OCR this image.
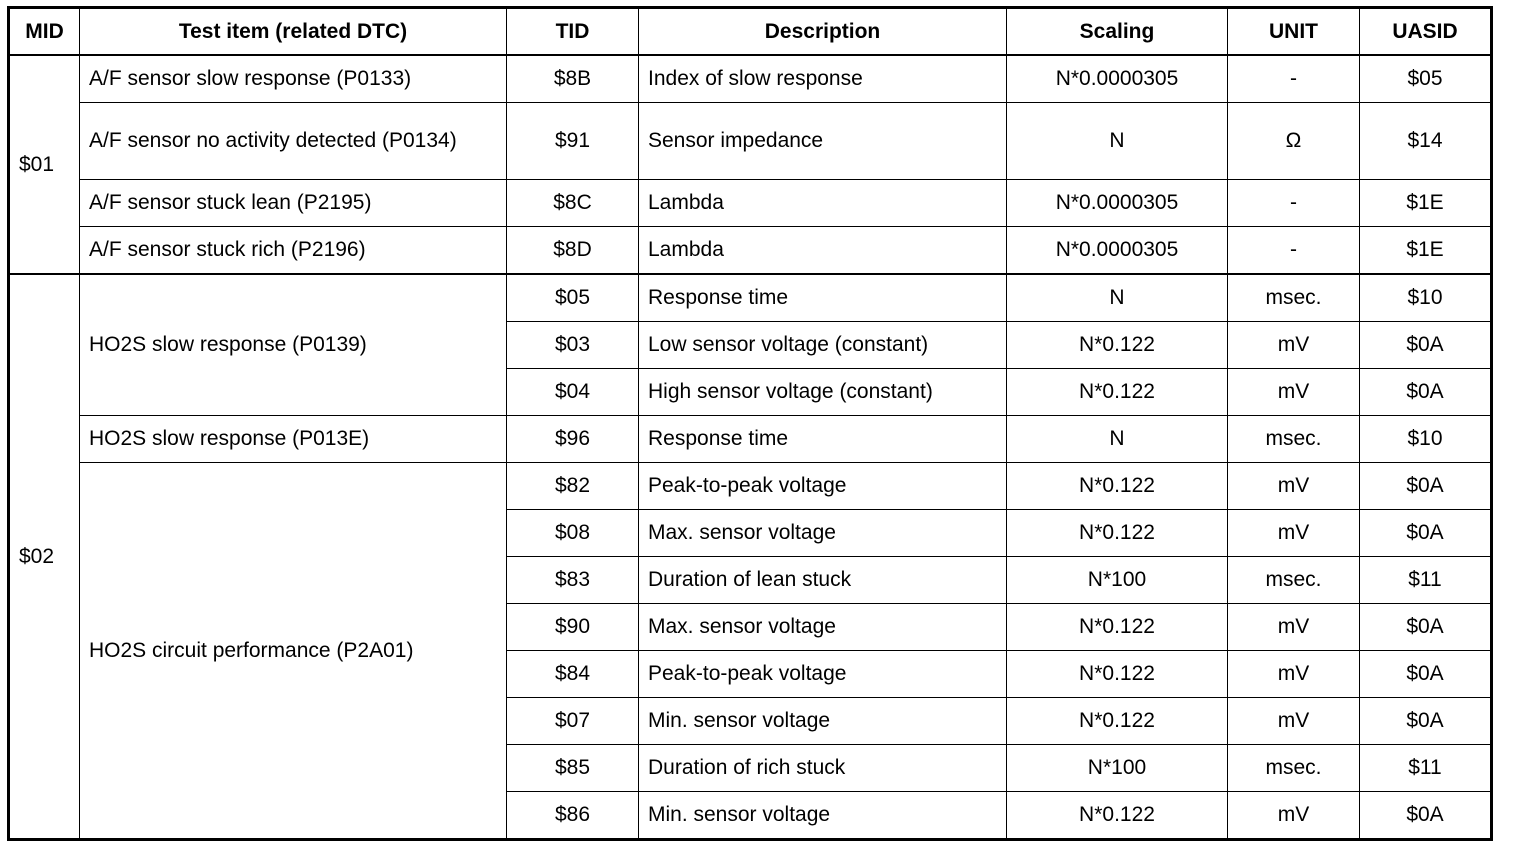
MID	Test item (related DTC)	TID	Description	Scaling	UNIT	UASID
$01	A/F sensor slow response (P0133)	$8B	Index of slow response	N*0.0000305	-	$05
	A/F sensor no activity detected (P0134)	$91	Sensor impedance	N	Ω	$14
	A/F sensor stuck lean (P2195)	$8C	Lambda	N*0.0000305	-	$1E
	A/F sensor stuck rich (P2196)	$8D	Lambda	N*0.0000305	-	$1E
$02	HO2S slow response (P0139)	$05	Response time	N	msec.	$10
		$03	Low sensor voltage (constant)	N*0.122	mV	$0A
		$04	High sensor voltage (constant)	N*0.122	mV	$0A
	HO2S slow response (P013E)	$96	Response time	N	msec.	$10
	HO2S circuit performance (P2A01)	$82	Peak-to-peak voltage	N*0.122	mV	$0A
		$08	Max. sensor voltage	N*0.122	mV	$0A
		$83	Duration of lean stuck	N*100	msec.	$11
		$90	Max. sensor voltage	N*0.122	mV	$0A
		$84	Peak-to-peak voltage	N*0.122	mV	$0A
		$07	Min. sensor voltage	N*0.122	mV	$0A
		$85	Duration of rich stuck	N*100	msec.	$11
		$86	Min. sensor voltage	N*0.122	mV	$0A
